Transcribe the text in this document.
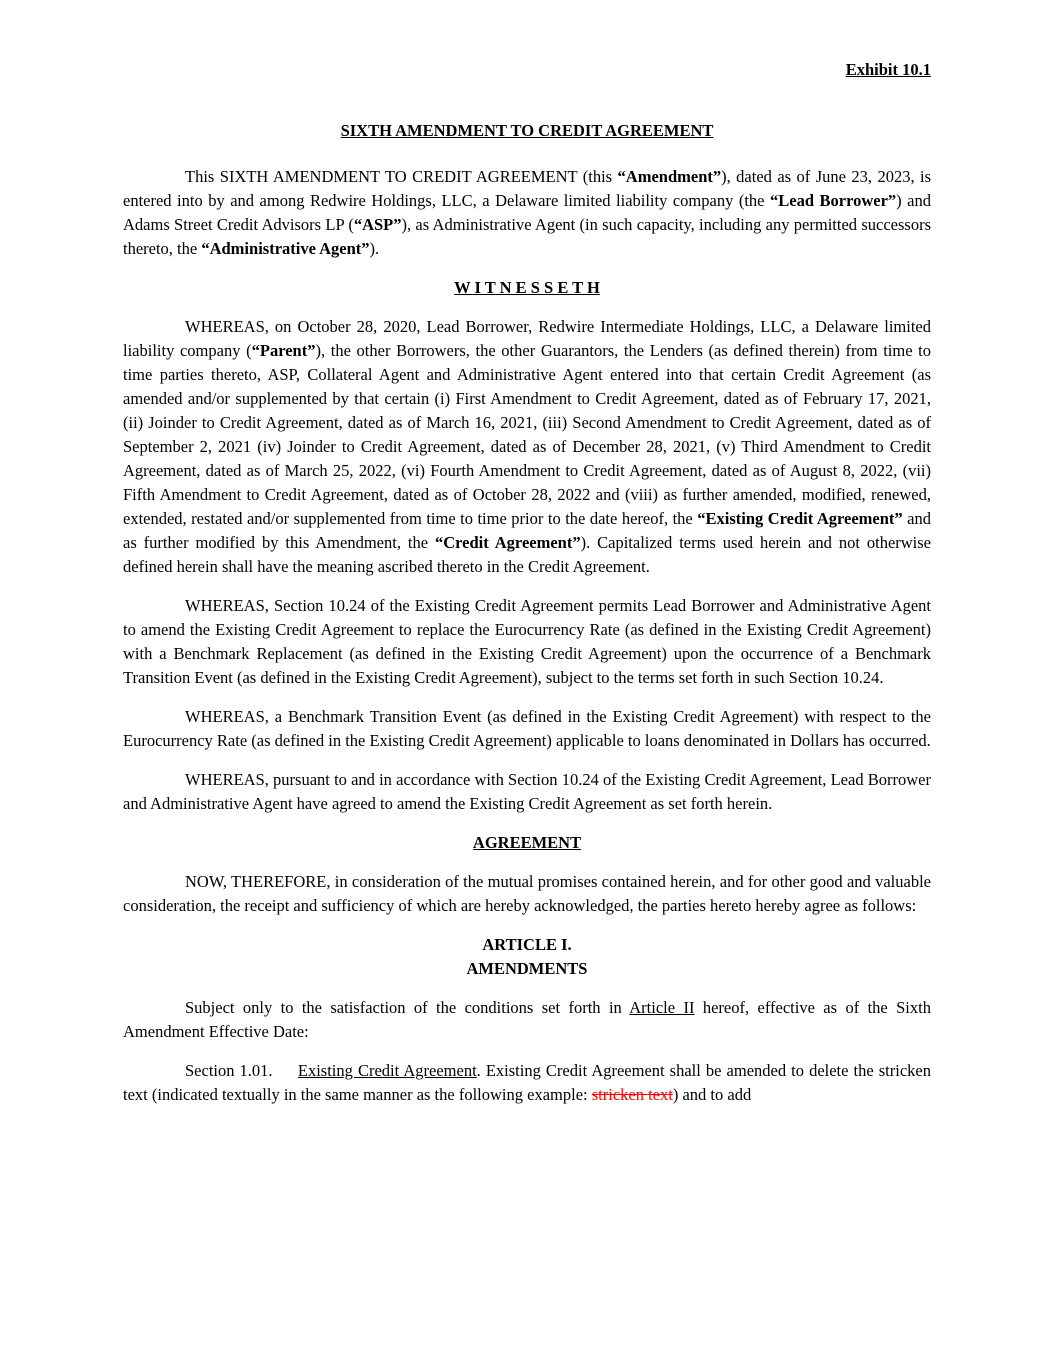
Exhibit 10.1
SIXTH AMENDMENT TO CREDIT AGREEMENT

This SIXTH AMENDMENT TO CREDIT AGREEMENT (this “Amendment”), dated as of June 23, 2023, is entered into by and among Redwire Holdings, LLC, a Delaware limited liability company (the “Lead Borrower”) and Adams Street Credit Advisors LP (“ASP”), as Administrative Agent (in such capacity, including any permitted successors thereto, the “Administrative Agent”).

W I T N E S S E T H

WHEREAS, on October 28, 2020, Lead Borrower, Redwire Intermediate Holdings, LLC, a Delaware limited liability company (“Parent”), the other Borrowers, the other Guarantors, the Lenders (as defined therein) from time to time parties thereto, ASP, Collateral Agent and Administrative Agent entered into that certain Credit Agreement (as amended and/or supplemented by that certain (i) First Amendment to Credit Agreement, dated as of February 17, 2021, (ii) Joinder to Credit Agreement, dated as of March 16, 2021, (iii) Second Amendment to Credit Agreement, dated as of September 2, 2021 (iv) Joinder to Credit Agreement, dated as of December 28, 2021, (v) Third Amendment to Credit Agreement, dated as of March 25, 2022, (vi) Fourth Amendment to Credit Agreement, dated as of August 8, 2022, (vii) Fifth Amendment to Credit Agreement, dated as of October 28, 2022 and (viii) as further amended, modified, renewed, extended, restated and/or supplemented from time to time prior to the date hereof, the “Existing Credit Agreement” and as further modified by this Amendment, the “Credit Agreement”). Capitalized terms used herein and not otherwise defined herein shall have the meaning ascribed thereto in the Credit Agreement.

WHEREAS, Section 10.24 of the Existing Credit Agreement permits Lead Borrower and Administrative Agent to amend the Existing Credit Agreement to replace the Eurocurrency Rate (as defined in the Existing Credit Agreement) with a Benchmark Replacement (as defined in the Existing Credit Agreement) upon the occurrence of a Benchmark Transition Event (as defined in the Existing Credit Agreement), subject to the terms set forth in such Section 10.24.

WHEREAS, a Benchmark Transition Event (as defined in the Existing Credit Agreement) with respect to the Eurocurrency Rate (as defined in the Existing Credit Agreement) applicable to loans denominated in Dollars has occurred.

WHEREAS, pursuant to and in accordance with Section 10.24 of the Existing Credit Agreement, Lead Borrower and Administrative Agent have agreed to amend the Existing Credit Agreement as set forth herein.

AGREEMENT

NOW, THEREFORE, in consideration of the mutual promises contained herein, and for other good and valuable consideration, the receipt and sufficiency of which are hereby acknowledged, the parties hereto hereby agree as follows:

ARTICLE I.
AMENDMENTS

Subject only to the satisfaction of the conditions set forth in Article II hereof, effective as of the Sixth Amendment Effective Date:

Section 1.01.     Existing Credit Agreement. Existing Credit Agreement shall be amended to delete the stricken text (indicated textually in the same manner as the following example: stricken text) and to add
